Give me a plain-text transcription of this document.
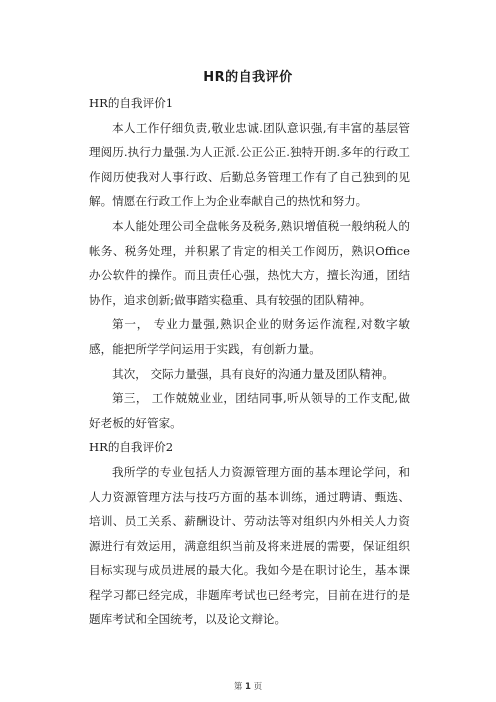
HR的自我评价
HR的自我评价1

本人工作仔细负责,敬业忠诚.团队意识强,有丰富的基层管理阅历.执行力量强.为人正派.公正公正.独特开朗.多年的行政工作阅历使我对人事行政、后勤总务管理工作有了自己独到的见解。情愿在行政工作上为企业奉献自己的热忱和努力。

本人能处理公司全盘帐务及税务,熟识增值税一般纳税人的帐务、税务处理，并积累了肯定的相关工作阅历，熟识Office办公软件的操作。而且责任心强，热忱大方，擅长沟通，团结协作，追求创新;做事踏实稳重、具有较强的团队精神。

第一， 专业力量强,熟识企业的财务运作流程,对数字敏感，能把所学学问运用于实践，有创新力量。

其次， 交际力量强，具有良好的沟通力量及团队精神。

第三， 工作兢兢业业，团结同事,听从领导的工作支配,做好老板的好管家。

HR的自我评价2

我所学的专业包括人力资源管理方面的基本理论学问，和人力资源管理方法与技巧方面的基本训练，通过聘请、甄选、培训、员工关系、薪酬设计、劳动法等对组织内外相关人力资源进行有效运用，满意组织当前及将来进展的需要，保证组织目标实现与成员进展的最大化。我如今是在职讨论生，基本课程学习都已经完成，非题库考试也已经考完，目前在进行的是题库考试和全国统考，以及论文辩论。

第 1 页
